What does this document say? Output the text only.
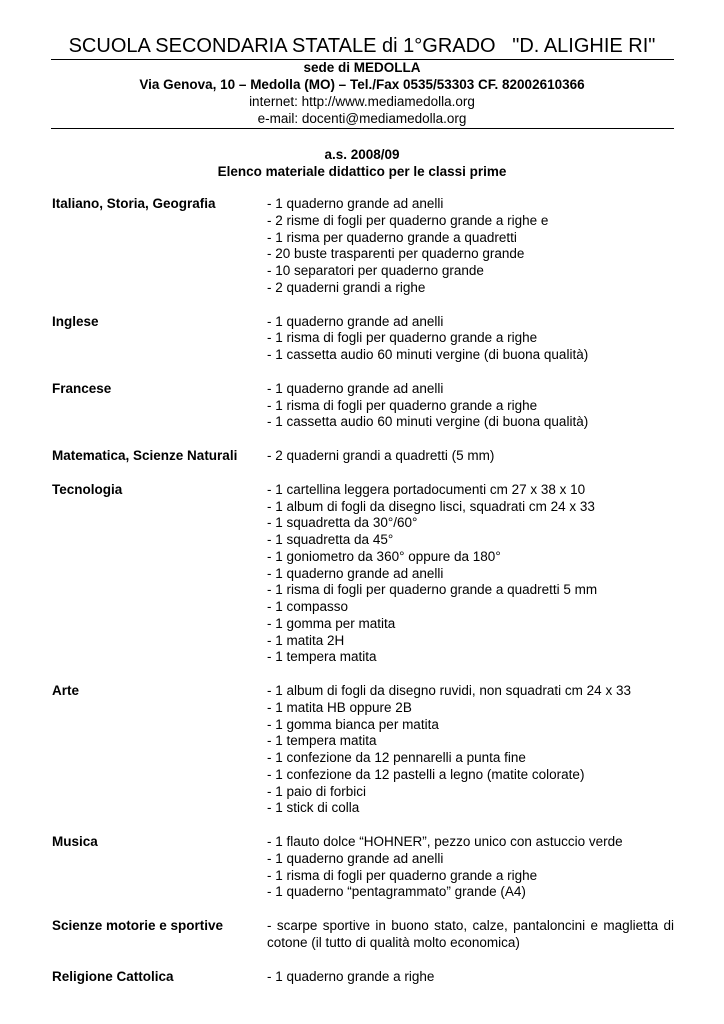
SCUOLA SECONDARIA STATALE di 1°GRADO   "D. ALIGHIE RI"
sede di MEDOLLA
Via Genova, 10 – Medolla (MO) – Tel./Fax 0535/53303 CF. 82002610366
internet: http://www.mediamedolla.org
e-mail: docenti@mediamedolla.org
a.s. 2008/09
Elenco materiale didattico per le classi prime
Italiano, Storia, Geografia	- 1 quaderno grande ad anelli
- 2 risme di fogli per quaderno grande a righe e
- 1 risma per quaderno grande a quadretti
- 20 buste trasparenti per quaderno grande
- 10 separatori per quaderno grande
- 2 quaderni grandi a righe
Inglese	- 1 quaderno grande ad anelli
- 1 risma di fogli per quaderno grande a righe
- 1 cassetta audio 60 minuti vergine (di buona qualità)
Francese	- 1 quaderno grande ad anelli
- 1 risma di fogli per quaderno grande a righe
- 1 cassetta audio 60 minuti vergine (di buona qualità)
Matematica, Scienze Naturali	- 2 quaderni grandi a quadretti (5 mm)
Tecnologia	- 1 cartellina leggera portadocumenti cm 27 x 38 x 10
- 1 album di fogli da disegno lisci, squadrati cm 24 x 33
- 1 squadretta da 30°/60°
- 1 squadretta da 45°
- 1 goniometro da 360° oppure da 180°
- 1 quaderno grande ad anelli
- 1 risma di fogli per quaderno grande a quadretti 5 mm
- 1 compasso
- 1 gomma per matita
- 1 matita 2H
- 1 tempera matita
Arte	- 1 album di fogli da disegno ruvidi, non squadrati cm 24 x 33
- 1 matita HB oppure 2B
- 1 gomma bianca per matita
- 1 tempera matita
- 1 confezione da 12 pennarelli a punta fine
- 1 confezione da 12 pastelli a legno (matite colorate)
- 1 paio di forbici
- 1 stick di colla
Musica	- 1 flauto dolce “HOHNER”, pezzo unico con astuccio verde
- 1 quaderno grande ad anelli
- 1 risma di fogli per quaderno grande a righe
- 1 quaderno “pentagrammato” grande (A4)
Scienze motorie e sportive	- scarpe sportive in buono stato, calze, pantaloncini e maglietta di cotone (il tutto di qualità molto economica)
Religione Cattolica	- 1 quaderno grande a righe
